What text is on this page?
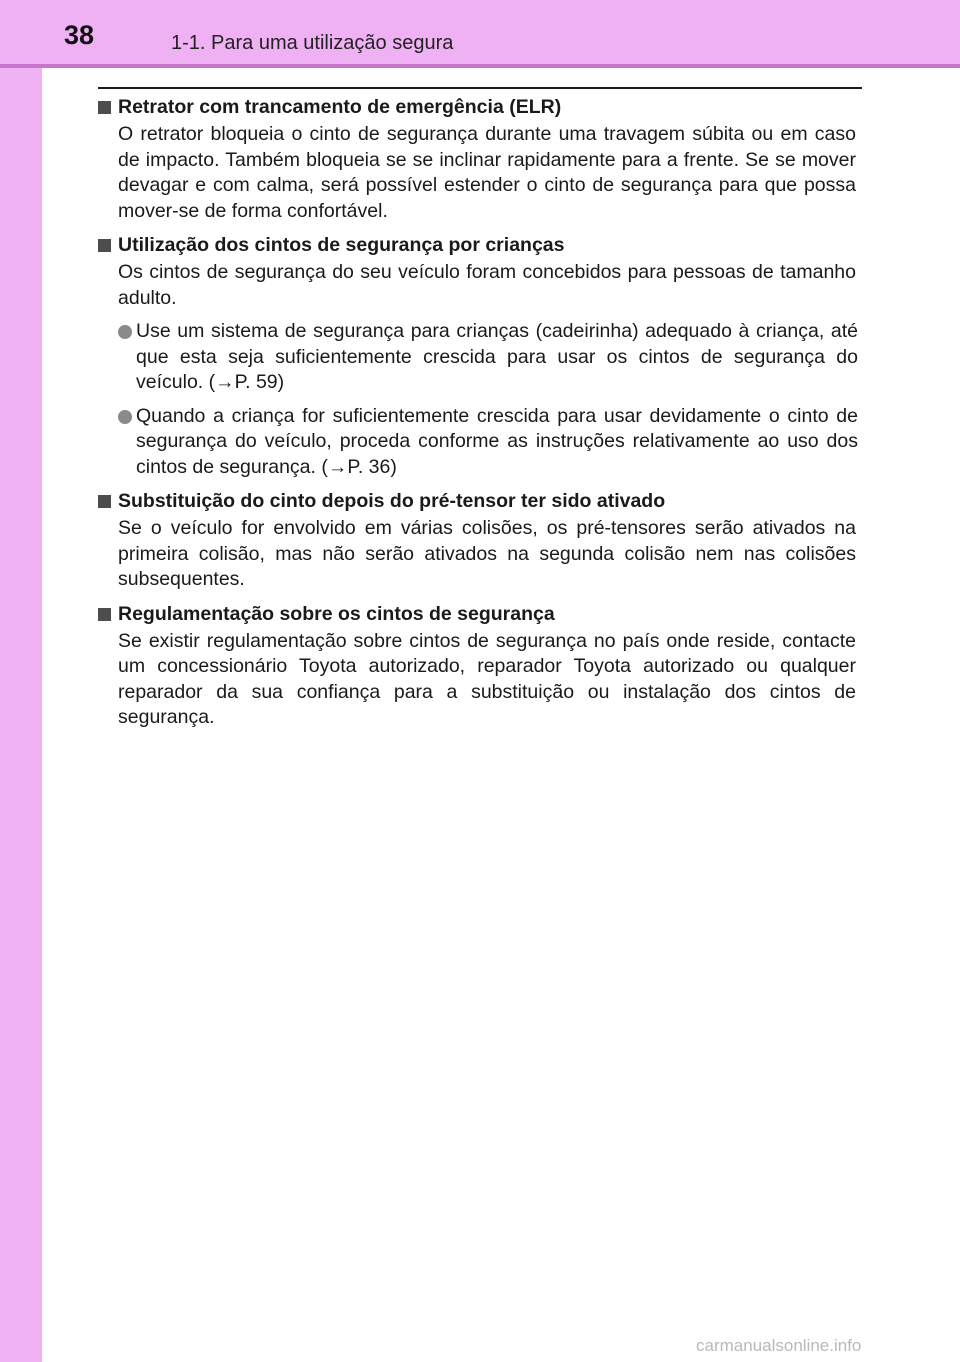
38	1-1. Para uma utilização segura
Retrator com trancamento de emergência (ELR)
O retrator bloqueia o cinto de segurança durante uma travagem súbita ou em caso de impacto. Também bloqueia se se inclinar rapidamente para a frente. Se se mover devagar e com calma, será possível estender o cinto de segurança para que possa mover-se de forma confortável.
Utilização dos cintos de segurança por crianças
Os cintos de segurança do seu veículo foram concebidos para pessoas de tamanho adulto.
Use um sistema de segurança para crianças (cadeirinha) adequado à criança, até que esta seja suficientemente crescida para usar os cintos de segurança do veículo. (→P. 59)
Quando a criança for suficientemente crescida para usar devidamente o cinto de segurança do veículo, proceda conforme as instruções relativamente ao uso dos cintos de segurança. (→P. 36)
Substituição do cinto depois do pré-tensor ter sido ativado
Se o veículo for envolvido em várias colisões, os pré-tensores serão ativados na primeira colisão, mas não serão ativados na segunda colisão nem nas colisões subsequentes.
Regulamentação sobre os cintos de segurança
Se existir regulamentação sobre cintos de segurança no país onde reside, contacte um concessionário Toyota autorizado, reparador Toyota autorizado ou qualquer reparador da sua confiança para a substituição ou instalação dos cintos de segurança.
carmanualsonline.info
